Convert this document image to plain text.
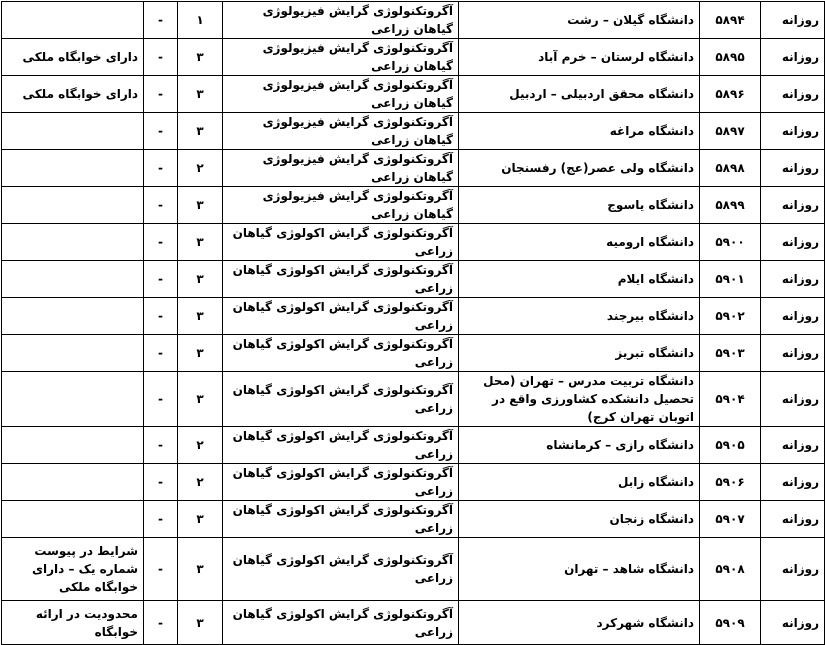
روزانه	۵۸۹۴	دانشگاه گیلان – رشت	آگروتکنولوژی گرایش فیزیولوژی گیاهان زراعی	۱	-	
روزانه	۵۸۹۵	دانشگاه لرستان – خرم آباد	آگروتکنولوژی گرایش فیزیولوژی گیاهان زراعی	۳	-	دارای خوابگاه ملکی
روزانه	۵۸۹۶	دانشگاه محقق اردبیلی – اردبیل	آگروتکنولوژی گرایش فیزیولوژی گیاهان زراعی	۳	-	دارای خوابگاه ملکی
روزانه	۵۸۹۷	دانشگاه مراغه	آگروتکنولوژی گرایش فیزیولوژی گیاهان زراعی	۳	-	
روزانه	۵۸۹۸	دانشگاه ولی عصر(عج) رفسنجان	آگروتکنولوژی گرایش فیزیولوژی گیاهان زراعی	۲	-	
روزانه	۵۸۹۹	دانشگاه یاسوج	آگروتکنولوژی گرایش فیزیولوژی گیاهان زراعی	۳	-	
روزانه	۵۹۰۰	دانشگاه ارومیه	آگروتکنولوژی گرایش اکولوژی گیاهان زراعی	۳	-	
روزانه	۵۹۰۱	دانشگاه ایلام	آگروتکنولوژی گرایش اکولوژی گیاهان زراعی	۳	-	
روزانه	۵۹۰۲	دانشگاه بیرجند	آگروتکنولوژی گرایش اکولوژی گیاهان زراعی	۳	-	
روزانه	۵۹۰۳	دانشگاه تبریز	آگروتکنولوژی گرایش اکولوژی گیاهان زراعی	۳	-	
روزانه	۵۹۰۴	دانشگاه تربیت مدرس – تهران (محل تحصیل دانشکده کشاورزی واقع در اتوبان تهران کرج)	آگروتکنولوژی گرایش اکولوژی گیاهان زراعی	۳	-	
روزانه	۵۹۰۵	دانشگاه رازی – کرمانشاه	آگروتکنولوژی گرایش اکولوژی گیاهان زراعی	۲	-	
روزانه	۵۹۰۶	دانشگاه زابل	آگروتکنولوژی گرایش اکولوژی گیاهان زراعی	۲	-	
روزانه	۵۹۰۷	دانشگاه زنجان	آگروتکنولوژی گرایش اکولوژی گیاهان زراعی	۳	-	
روزانه	۵۹۰۸	دانشگاه شاهد – تهران	آگروتکنولوژی گرایش اکولوژی گیاهان زراعی	۳	-	شرایط در پیوست شماره یک – دارای خوابگاه ملکی
روزانه	۵۹۰۹	دانشگاه شهرکرد	آگروتکنولوژی گرایش اکولوژی گیاهان زراعی	۳	-	محدودیت در ارائه خوابگاه
